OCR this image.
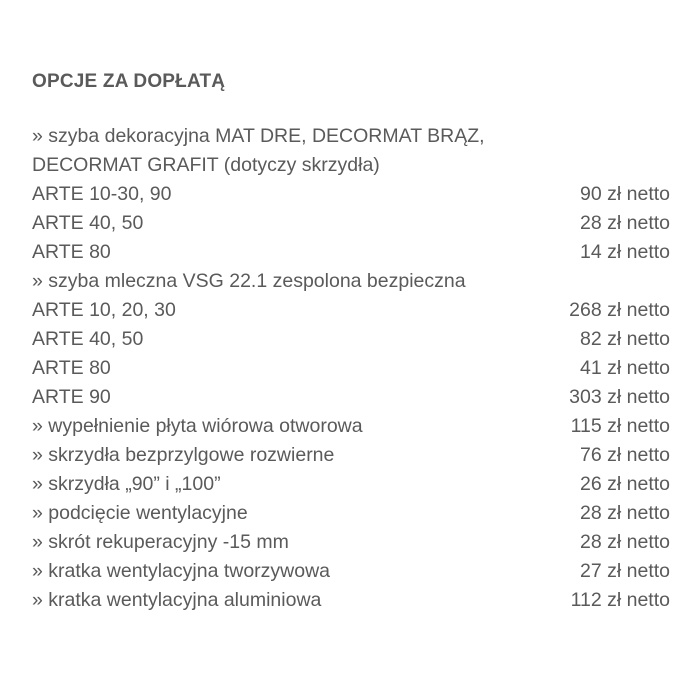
OPCJE ZA DOPŁATĄ
» szyba dekoracyjna MAT DRE, DECORMAT BRĄZ, DECORMAT GRAFIT (dotyczy skrzydła)
ARTE 10-30, 90	90 zł netto
ARTE 40, 50	28 zł netto
ARTE 80	14 zł netto
» szyba mleczna VSG 22.1 zespolona bezpieczna
ARTE 10, 20, 30	268 zł netto
ARTE 40, 50	82 zł netto
ARTE 80	41 zł netto
ARTE 90	303 zł netto
» wypełnienie płyta wiórowa otworowa	115 zł netto
» skrzydła bezprzylgowe rozwierne	76 zł netto
» skrzydła „90” i „100”	26 zł netto
» podcięcie wentylacyjne	28 zł netto
» skrót rekuperacyjny -15 mm	28 zł netto
» kratka wentylacyjna tworzywowa	27 zł netto
» kratka wentylacyjna aluminiowa	112 zł netto
